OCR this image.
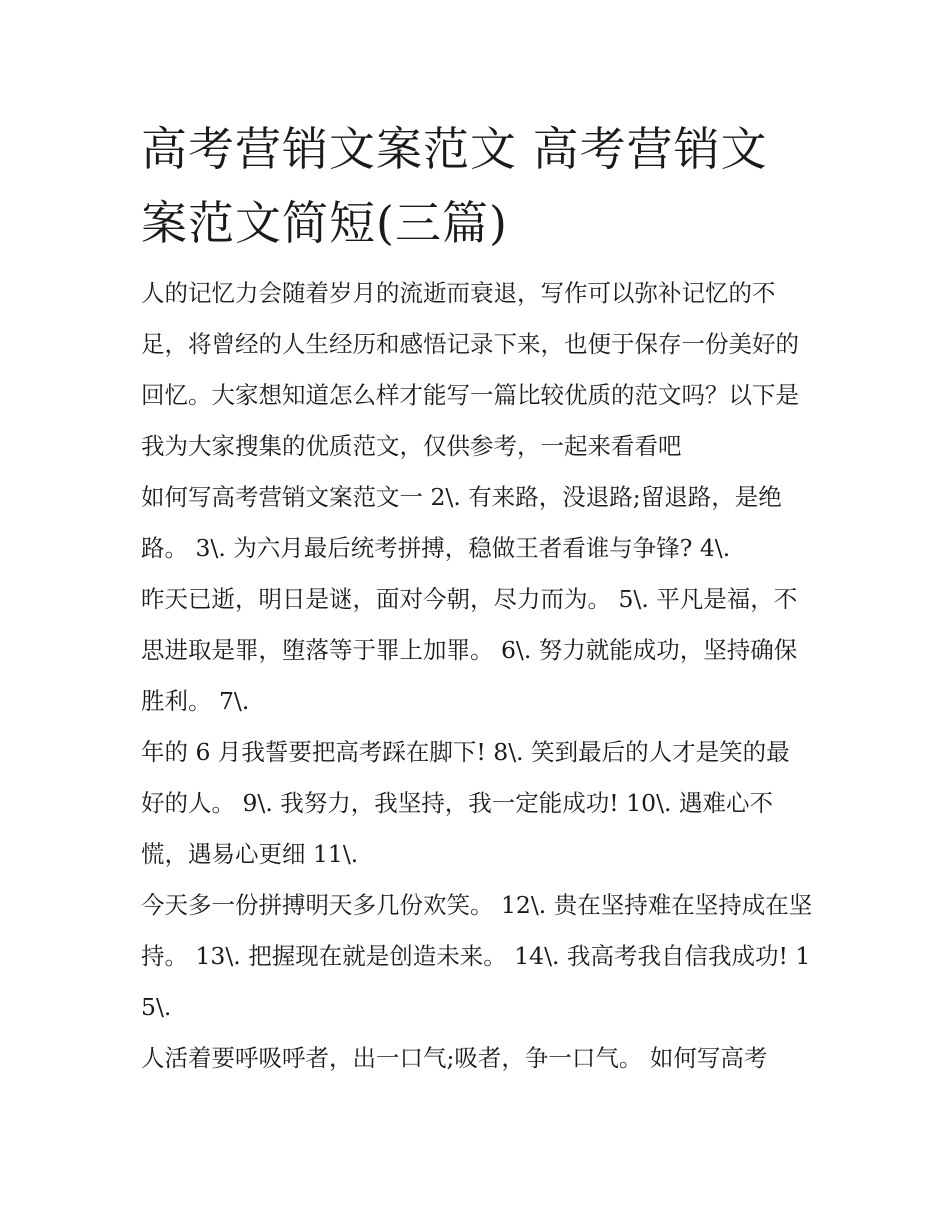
高考营销文案范文 高考营销文案范文简短(三篇)

人的记忆力会随着岁月的流逝而衰退，写作可以弥补记忆的不足，将曾经的人生经历和感悟记录下来，也便于保存一份美好的回忆。大家想知道怎么样才能写一篇比较优质的范文吗？以下是我为大家搜集的优质范文，仅供参考，一起来看看吧

如何写高考营销文案范文一 2\. 有来路，没退路;留退路，是绝路。 3\. 为六月最后统考拼搏，稳做王者看谁与争锋? 4\.

昨天已逝，明日是谜，面对今朝，尽力而为。 5\. 平凡是福，不思进取是罪，堕落等于罪上加罪。 6\. 努力就能成功，坚持确保胜利。 7\.

年的 6 月我誓要把高考踩在脚下! 8\. 笑到最后的人才是笑的最好的人。 9\. 我努力，我坚持，我一定能成功! 10\. 遇难心不慌，遇易心更细 11\.

今天多一份拼搏明天多几份欢笑。 12\. 贵在坚持难在坚持成在坚持。 13\. 把握现在就是创造未来。 14\. 我高考我自信我成功! 15\.

人活着要呼吸呼者，出一口气;吸者，争一口气。 如何写高考
